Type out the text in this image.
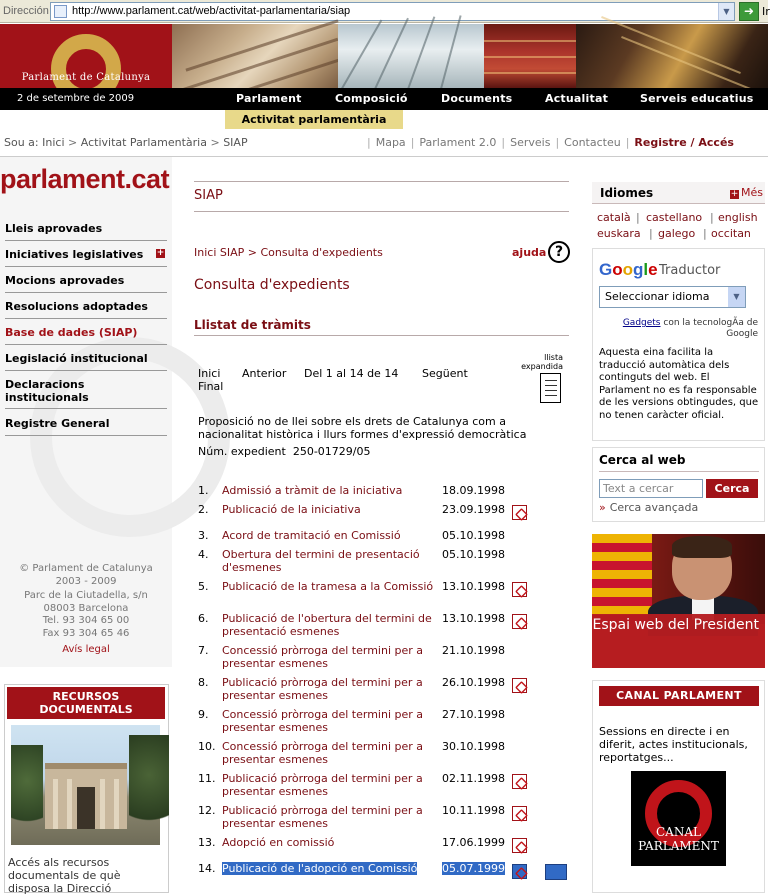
Dirección http://www.parlament.cat/web/activitat-parlamentaria/siap	▼	➜ Ir
Parlament de Catalunya
2 de setembre de 2009	Parlament	Composició	Documents	Actualitat	Serveis educatius
Activitat parlamentària
Sou a: Inici > Activitat Parlamentària > SIAP	| Mapa | Parlament 2.0 | Serveis | Contacteu | Registre / Accés
parlament.cat
Lleis aprovades
Iniciatives legislatives +
Mocions aprovades
Resolucions adoptades
Base de dades (SIAP)
Legislació institucional
Declaracions institucionals
Registre General
© Parlament de Catalunya
2003 - 2009
Parc de la Ciutadella, s/n
08003 Barcelona
Tel. 93 304 65 00
Fax 93 304 65 46
Avís legal
RECURSOS DOCUMENTALS
Accés als recursos documentals de què disposa la Direcció
SIAP
Inici SIAP > Consulta d'expedients	ajuda ?
Consulta d'expedients
Llistat de tràmits
Inici Anterior Del 1 al 14 de 14 Següent
Final
llista expandida
Proposició no de llei sobre els drets de Catalunya com a nacionalitat històrica i llurs formes d'expressió democràtica
Núm. expedient 250-01729/05
1. Admissió a tràmit de la iniciativa	18.09.1998
2. Publicació de la iniciativa	23.09.1998
3. Acord de tramitació en Comissió	05.10.1998
4. Obertura del termini de presentació d'esmenes
05.10.1998
5. Publicació de la tramesa a la Comissió 13.10.1998
6. Publicació de l'obertura del termini de presentació esmenes
13.10.1998
7. Concessió pròrroga del termini per a presentar esmenes
21.10.1998
8. Publicació pròrroga del termini per a presentar esmenes
26.10.1998
9. Concessió pròrroga del termini per a presentar esmenes
27.10.1998
10. Concessió pròrroga del termini per a presentar esmenes
30.10.1998
11. Publicació pròrroga del termini per a presentar esmenes
02.11.1998
12. Publicació pròrroga del termini per a presentar esmenes
10.11.1998
13. Adopció en comissió	17.06.1999
14. Publicació de l'adopció en Comissió 05.07.1999
Idiomes	+ Més
català | castellano | english
euskara | galego | occitan
Google Traductor
Seleccionar idioma	▼
Gadgets con la tecnologÃa de Google
Aquesta eina facilita la traducció automàtica dels continguts del web. El Parlament no es fa responsable de les versions obtingudes, que no tenen caràcter oficial.
Cerca al web
Text a cercar	Cerca
» Cerca avançada
Espai web del President
CANAL PARLAMENT
Sessions en directe i en diferit, actes institucionals, reportatges...
CANAL PARLAMENT
